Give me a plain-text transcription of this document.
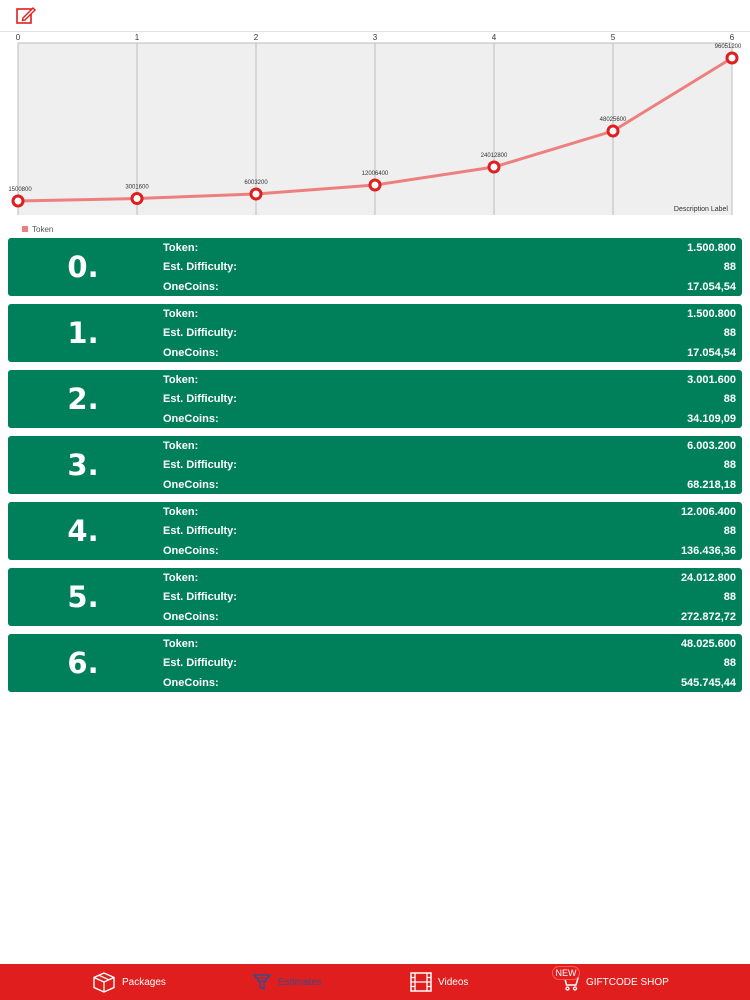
0	1	2	3	4	5	6
1500800	3001600
6003200
12006400
24012800
48025600
96051200
Description Label
Token
0.
Token:	1.500.800
Est. Difficulty:	88
OneCoins:	17.054,54
1.
Token:	1.500.800
Est. Difficulty:	88
OneCoins:	17.054,54
2.
Token:	3.001.600
Est. Difficulty:	88
OneCoins:	34.109,09
3.
Token:	6.003.200
Est. Difficulty:	88
OneCoins:	68.218,18
4.
Token:	12.006.400
Est. Difficulty:	88
OneCoins:	136.436,36
5.
Token:	24.012.800
Est. Difficulty:	88
OneCoins:	272.872,72
6.
Token:	48.025.600
Est. Difficulty:	88
OneCoins:	545.745,44
Packages	Estimates	Videos	GIFTCODE SHOP
NEW
